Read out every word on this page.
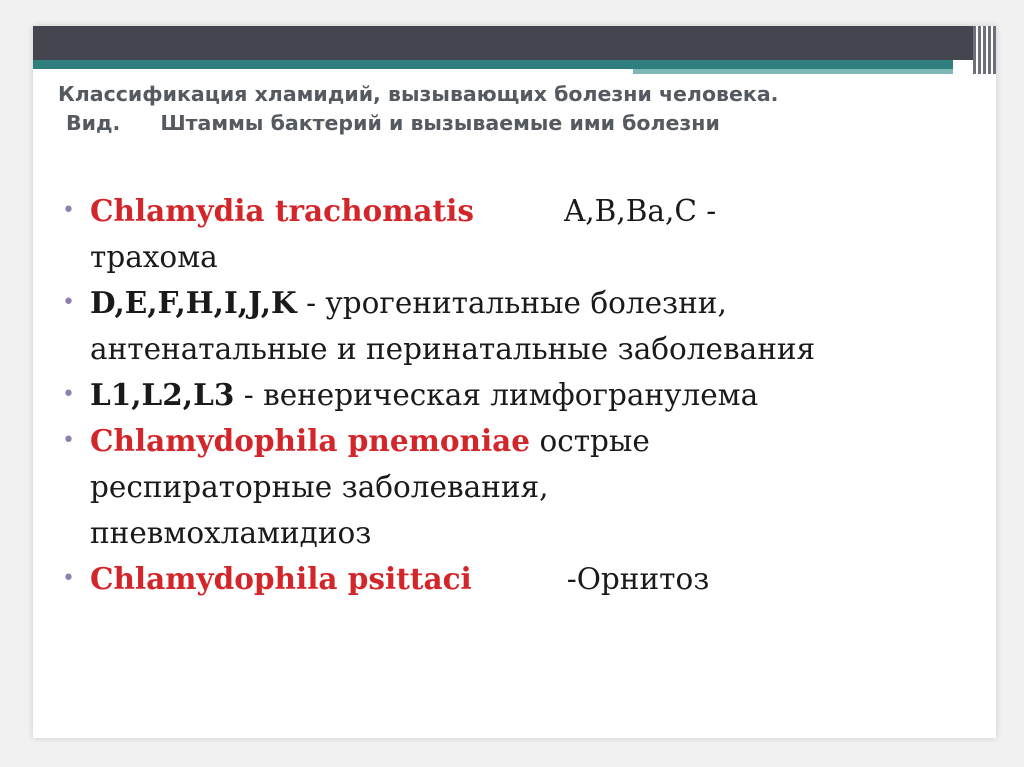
Классификация хламидий, вызывающих болезни человека.
Вид. Штаммы бактерий и вызываемые ими болезни
• Chlamydia trachomatis	A,B,Ba,C -
трахома
• D,E,F,H,I,J,K - урогенитальные болезни,
антенатальные и перинатальные заболевания
• L1,L2,L3 - венерическая лимфогранулема
• Chlamydophila pnemoniae острые
респираторные заболевания,
пневмохламидиоз
• Chlamydophila psittaci	-Орнитоз
